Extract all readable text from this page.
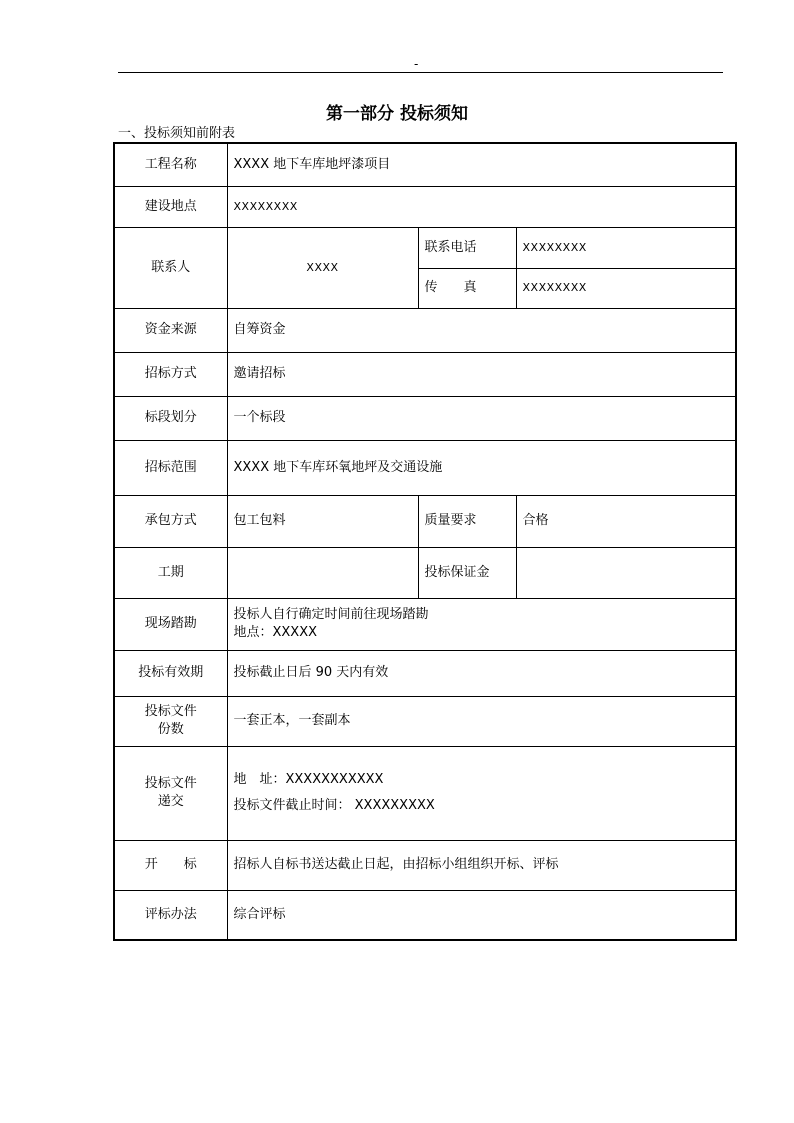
-
第一部分 投标须知
一、投标须知前附表
工程名称	XXXX 地下车库地坪漆项目		
建设地点	XXXXXXXX		
联系人	XXXX	联系电话	XXXXXXXX
		传　　真	XXXXXXXX
资金来源	自筹资金		
招标方式	邀请招标		
标段划分	一个标段		
招标范围	XXXX 地下车库环氧地坪及交通设施		
承包方式	包工包料	质量要求	合格
工期		投标保证金	
现场踏勘	投标人自行确定时间前往现场踏勘
地点：XXXXX		

投标有效期	投标截止日后 90 天内有效		

投标文件
份数	一套正本，一套副本		

投标文件
递交	地　址：XXXXXXXXXXX
投标文件截止时间： XXXXXXXXX		

开　　标	招标人自标书送达截止日起，由招标小组组织开标、评标		
评标办法	综合评标		
